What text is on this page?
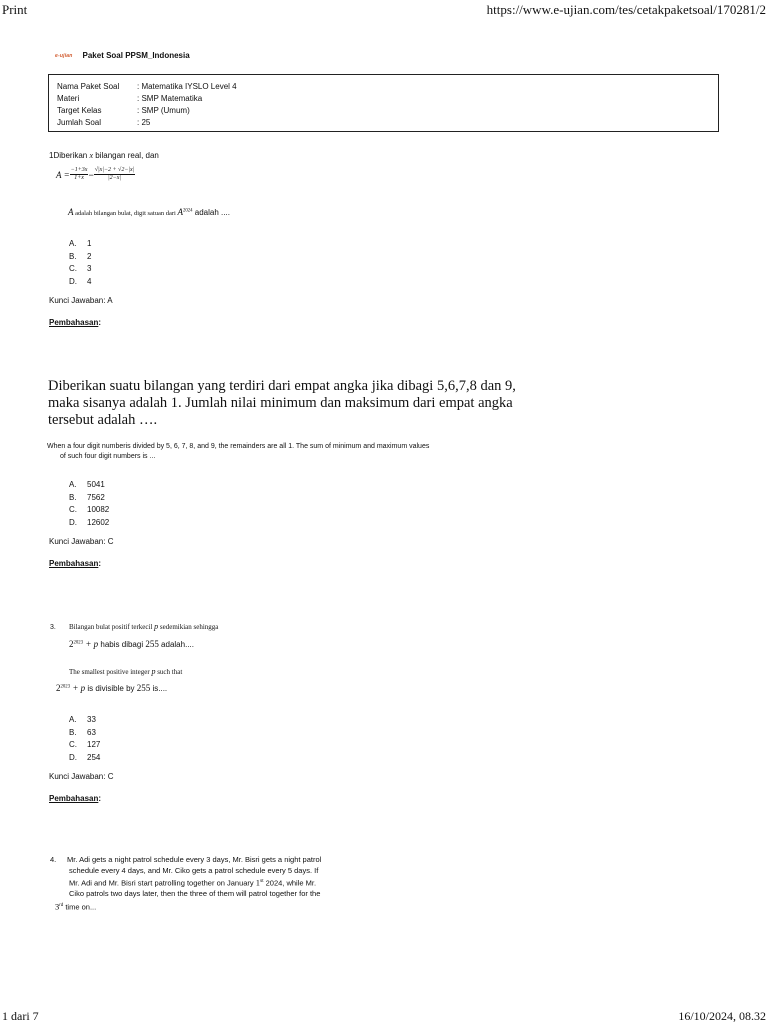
Print	https://www.e-ujian.com/tes/cetakpaketsoal/170281/2
1 dari 7	16/10/2024, 08.32
e-ujian Paket Soal PPSM_Indonesia
Nama Paket Soal	: Matematika IYSLO Level 4
Materi	: SMP Matematika
Target Kelas	: SMP (Umum)
Jumlah Soal	: 25
1Diberikan x bilangan real, dan
$A = \frac{-1+3x}{1+x} - \frac{√|x|-2 + √2-|x|}{|2-x|}$
A adalah bilangan bulat, digit satuan dari $A^{2024}$ adalah ....
A.	1
B.	2
C.	3
D.	4
Kunci Jawaban: A
Pembahasan:
Diberikan suatu bilangan yang terdiri dari empat angka jika dibagi 5,6,7,8 dan 9,
maka sisanya adalah 1. Jumlah nilai minimum dan maksimum dari empat angka
tersebut adalah ….
When a four digit numberis divided by 5, 6, 7, 8, and 9, the remainders are all 1. The sum of minimum and maximum values
of such four digit numbers is ...
A.	5041
B.	7562
C.	10082
D.	12602
Kunci Jawaban: C
Pembahasan:
3. Bilangan bulat positif terkecil p sedemikian sehingga
$2^{2023} + p$ habis dibagi 255 adalah....
The smallest positive integer p such that
$2^{2023} + p$ is divisible by 255 is....
A.	33
B.	63
C.	127
D.	254
Kunci Jawaban: C
Pembahasan:
4.	Mr. Adi gets a night patrol schedule every 3 days, Mr. Bisri gets a night patrol
schedule every 4 days, and Mr. Ciko gets a patrol schedule every 5 days. If
Mr. Adi and Mr. Bisri start patrolling together on January 1st 2024, while Mr.
Ciko patrols two days later, then the three of them will patrol together for the
3rd time on...
